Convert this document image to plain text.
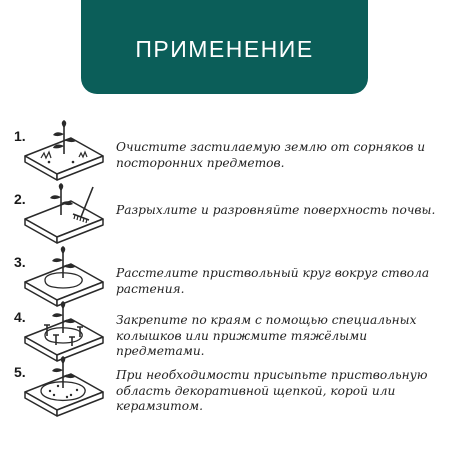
ПРИМЕНЕНИЕ
1.
Очистите застилаемую землю от сорняков и посторонних предметов.
2.
Разрыхлите и разровняйте поверхность почвы.
3.
Расстелите приствольный круг вокруг ствола растения.
4.	Закрепите по краям с помощью специальных колышков или прижмите тяжёлыми предметами.
5.	При необходимости присыпьте приствольную область декоративной щепкой, корой или керамзитом.
